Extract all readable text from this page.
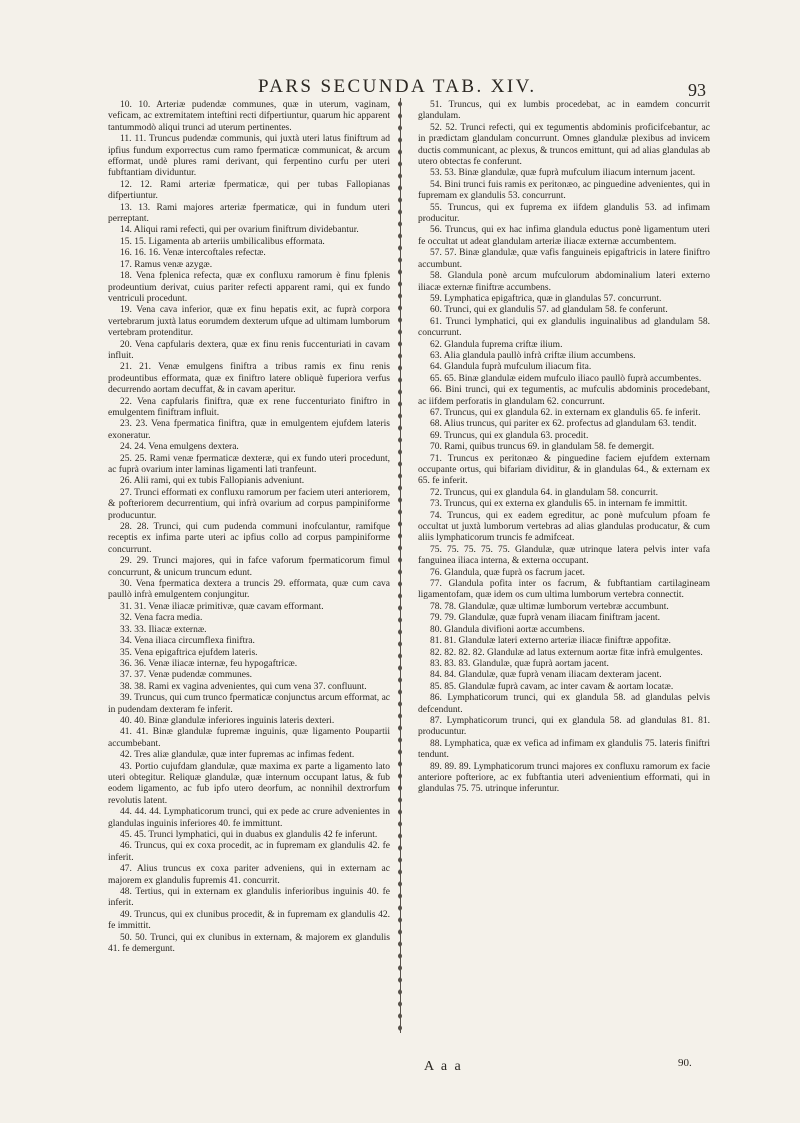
PARS SECUNDA TAB. XIV.	93

10. 10. Arteriæ pudendæ communes, quæ in uterum, vaginam, veficam, ac extremitatem inteftini recti difpertiuntur, quarum hic apparent tantummodò aliqui trunci ad uterum pertinentes.

11. 11. Truncus pudendæ communis, qui juxtà uteri latus finiftrum ad ipfius fundum exporrectus cum ramo fpermaticæ communicat, & arcum efformat, undè plures rami derivant, qui ferpentino curfu per uteri fubftantiam dividuntur.

12. 12. Rami arteriæ fpermaticæ, qui per tubas Fallopianas difpertiuntur.

13. 13. Rami majores arteriæ fpermaticæ, qui in fundum uteri perreptant.

14. Aliqui rami refecti, qui per ovarium finiftrum dividebantur.

15. 15. Ligamenta ab arteriis umbilicalibus efformata.

16. 16. 16. Venæ intercoftales refectæ.

17. Ramus venæ azygæ.

18. Vena fplenica refecta, quæ ex confluxu ramorum è finu fplenis prodeuntium derivat, cuius pariter refecti apparent rami, qui ex fundo ventriculi procedunt.

19. Vena cava inferior, quæ ex finu hepatis exit, ac fuprà corpora vertebrarum juxtà latus eorumdem dexterum ufque ad ultimam lumborum vertebram protenditur.

20. Vena capfularis dextera, quæ ex finu renis fuccenturiati in cavam influit.

21. 21. Venæ emulgens finiftra a tribus ramis ex finu renis prodeuntibus efformata, quæ ex finiftro latere obliquè fuperiora verfus decurrendo aortam decuffat, & in cavam aperitur.

22. Vena capfularis finiftra, quæ ex rene fuccenturiato finiftro in emulgentem finiftram influit.

23. 23. Vena fpermatica finiftra, quæ in emulgentem ejufdem lateris exoneratur.

24. 24. Vena emulgens dextera.

25. 25. Rami venæ fpermaticæ dexteræ, qui ex fundo uteri procedunt, ac fuprà ovarium inter laminas ligamenti lati tranfeunt.

26. Alii rami, qui ex tubis Fallopianis adveniunt.

27. Trunci efformati ex confluxu ramorum per faciem uteri anteriorem, & pofteriorem decurrentium, qui infrà ovarium ad corpus pampiniforme producuntur.

28. 28. Trunci, qui cum pudenda communi inofculantur, ramifque receptis ex infima parte uteri ac ipfius collo ad corpus pampiniforme concurrunt.

29. 29. Trunci majores, qui in fafce vaforum fpermaticorum fimul concurrunt, & unicum truncum edunt.

30. Vena fpermatica dextera a truncis 29. efformata, quæ cum cava paullò infrà emulgentem conjungitur.

31. 31. Venæ iliacæ primitivæ, quæ cavam efformant.

32. Vena facra media.

33. 33. Iliacæ externæ.

34. Vena iliaca circumflexa finiftra.

35. Vena epigaftrica ejufdem lateris.

36. 36. Venæ iliacæ internæ, feu hypogaftricæ.

37. 37. Venæ pudendæ communes.

38. 38. Rami ex vagina advenientes, qui cum vena 37. confluunt.

39. Truncus, qui cum trunco fpermaticæ conjunctus arcum efformat, ac in pudendam dexteram fe inferit.

40. 40. Binæ glandulæ inferiores inguinis lateris dexteri.

41. 41. Binæ glandulæ fupremæ inguinis, quæ ligamento Poupartii accumbebant.

42. Tres aliæ glandulæ, quæ inter fupremas ac infimas fedent.

43. Portio cujufdam glandulæ, quæ maxima ex parte a ligamento lato uteri obtegitur. Reliquæ glandulæ, quæ internum occupant latus, & fub eodem ligamento, ac fub ipfo utero deorfum, ac nonnihil dextrorfum revolutis latent.

44. 44. 44. Lymphaticorum trunci, qui ex pede ac crure advenientes in glandulas inguinis inferiores 40. fe immittunt.

45. 45. Trunci lymphatici, qui in duabus ex glandulis 42 fe inferunt.

46. Truncus, qui ex coxa procedit, ac in fupremam ex glandulis 42. fe inferit.

47. Alius truncus ex coxa pariter adveniens, qui in externam ac majorem ex glandulis fupremis 41. concurrit.

48. Tertius, qui in externam ex glandulis inferioribus inguinis 40. fe inferit.

49. Truncus, qui ex clunibus procedit, & in fupremam ex glandulis 42. fe immittit.

50. 50. Trunci, qui ex clunibus in externam, & majorem ex glandulis 41. fe demergunt.

51. Truncus, qui ex lumbis procedebat, ac in eamdem concurrit glandulam.

52. 52. Trunci refecti, qui ex tegumentis abdominis proficifcebantur, ac in prædictam glandulam concurrunt. Omnes glandulæ plexibus ad invicem ductis communicant, ac plexus, & truncos emittunt, qui ad alias glandulas ab utero obtectas fe conferunt.

53. 53. Binæ glandulæ, quæ fuprà mufculum iliacum internum jacent.

54. Bini trunci fuis ramis ex peritonæo, ac pinguedine advenientes, qui in fupremam ex glandulis 53. concurrunt.

55. Truncus, qui ex fuprema ex iifdem glandulis 53. ad infimam producitur.

56. Truncus, qui ex hac infima glandula eductus ponè ligamentum uteri fe occultat ut adeat glandulam arteriæ iliacæ externæ accumbentem.

57. 57. Binæ glandulæ, quæ vafis fanguineis epigaftricis in latere finiftro accumbunt.

58. Glandula ponè arcum mufculorum abdominalium lateri externo iliacæ externæ finiftræ accumbens.

59. Lymphatica epigaftrica, quæ in glandulas 57. concurrunt.

60. Trunci, qui ex glandulis 57. ad glandulam 58. fe conferunt.

61. Trunci lymphatici, qui ex glandulis inguinalibus ad glandulam 58. concurrunt.

62. Glandula fuprema criftæ ilium.

63. Alia glandula paullò infrà criftæ ilium accumbens.

64. Glandula fuprà mufculum iliacum fita.

65. 65. Binæ glandulæ eidem mufculo iliaco paullò fuprà accumbentes.

66. Bini trunci, qui ex tegumentis, ac mufculis abdominis procedebant, ac iifdem perforatis in glandulam 62. concurrunt.

67. Truncus, qui ex glandula 62. in externam ex glandulis 65. fe inferit.

68. Alius truncus, qui pariter ex 62. profectus ad glandulam 63. tendit.

69. Truncus, qui ex glandula 63. procedit.

70. Rami, quibus truncus 69. in glandulam 58. fe demergit.

71. Truncus ex peritonæo & pinguedine faciem ejufdem externam occupante ortus, qui bifariam dividitur, & in glandulas 64., & externam ex 65. fe inferit.

72. Truncus, qui ex glandula 64. in glandulam 58. concurrit.

73. Truncus, qui ex externa ex glandulis 65. in internam fe immittit.

74. Truncus, qui ex eadem egreditur, ac ponè mufculum pfoam fe occultat ut juxtà lumborum vertebras ad alias glandulas producatur, & cum aliis lymphaticorum truncis fe admifceat.

75. 75. 75. 75. 75. Glandulæ, quæ utrinque latera pelvis inter vafa fanguinea iliaca interna, & externa occupant.

76. Glandula, quæ fuprà os facrum jacet.

77. Glandula pofita inter os facrum, & fubftantiam cartilagineam ligamentofam, quæ idem os cum ultima lumborum vertebra connectit.

78. 78. Glandulæ, quæ ultimæ lumborum vertebræ accumbunt.

79. 79. Glandulæ, quæ fuprà venam iliacam finiftram jacent.

80. Glandula divifioni aortæ accumbens.

81. 81. Glandulæ lateri externo arteriæ iliacæ finiftræ appofitæ.

82. 82. 82. 82. Glandulæ ad latus externum aortæ fitæ infrà emulgentes.

83. 83. 83. Glandulæ, quæ fuprà aortam jacent.

84. 84. Glandulæ, quæ fuprà venam iliacam dexteram jacent.

85. 85. Glandulæ fuprà cavam, ac inter cavam & aortam locatæ.

86. Lymphaticorum trunci, qui ex glandula 58. ad glandulas pelvis defcendunt.

87. Lymphaticorum trunci, qui ex glandula 58. ad glandulas 81. 81. producuntur.

88. Lymphatica, quæ ex vefica ad infimam ex glandulis 75. lateris finiftri tendunt.

89. 89. 89. Lymphaticorum trunci majores ex confluxu ramorum ex facie anteriore pofteriore, ac ex fubftantia uteri advenientium efformati, qui in glandulas 75. 75. utrinque inferuntur.

A a a	90.
